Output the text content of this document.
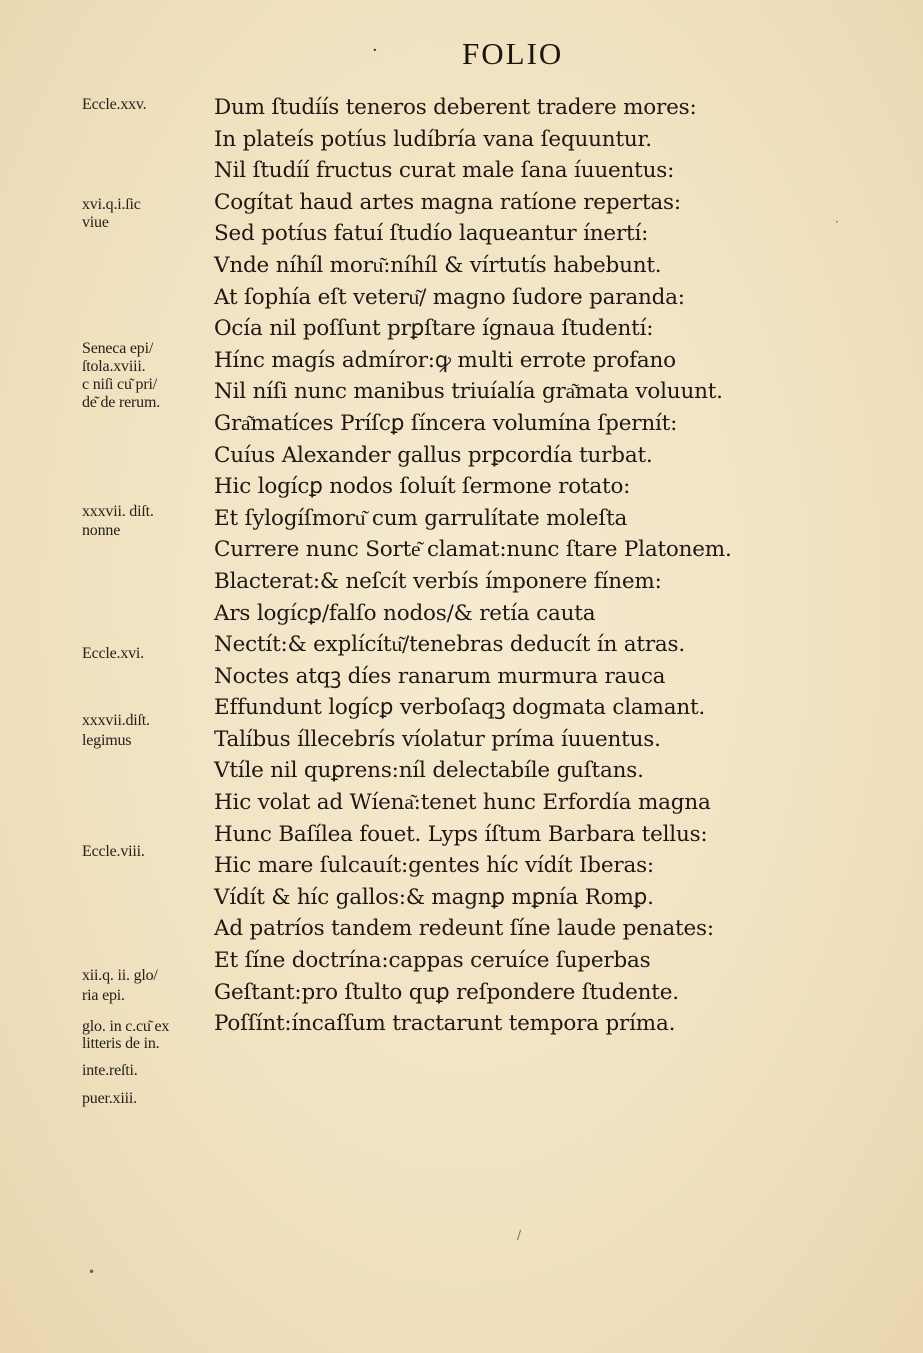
·	FOLIO
Dum ſtudíís teneros deberent tradere mores:
In plateís potíus ludíbría vana ſequuntur.
Nil ſtudíí fructus curat male ſana íuuentus:
Cogítat haud artes magna ratíone repertas:
Sed potíus fatuí ſtudío laqueantur ínertí:
Vnde níhíl moru͂:níhíl & vírtutís habebunt.
At ſophía eſt veteru͂/ magno ſudore paranda:
Ocía nil poſſunt prꝑſtare ígnaua ſtudentí:
Hínc magís admíror:ꝙ multi errote profano
Nil níſi nunc manibus triuíalía gra͂mata voluunt.
Gra͂matíces Príſcꝑ ſíncera volumína ſpernít:
Cuíus Alexander gallus prꝑcordía turbat.
Hic logícꝑ nodos ſoluít ſermone rotato:
Et ſylogíſmoru͂ cum garrulítate moleſta
Currere nunc Sorte͂ clamat:nunc ſtare Platonem.
Blacterat:& neſcít verbís ímponere fínem:
Ars logícꝑ/falſo nodos/& retía cauta
Nectít:& explícítu͂/tenebras deducít ín atras.
Noctes atqꝫ díes ranarum murmura rauca
Effundunt logícꝑ verboſaqꝫ dogmata clamant.
Talíbus íllecebrís víolatur príma íuuentus.
Vtíle nil quꝑrens:níl delectabíle guſtans.
Hic volat ad Wíena͂:tenet hunc Erfordía magna
Hunc Baſílea fouet. Lyps íſtum Barbara tellus:
Hic mare ſulcauít:gentes híc vídít Iberas:
Vídít & híc gallos:& magnꝑ mꝑnía Romꝑ.
Ad patríos tandem redeunt ſíne laude penates:
Et ſíne doctrína:cappas ceruíce ſuperbas
Geſtant:pro ſtulto quꝑ reſpondere ſtudente.
Poſſínt:íncaſſum tractarunt tempora príma.
Eccle.xxv.
xvi.q.i.ſic
viue
Seneca epi/
ſtola.xviii.
c niſi cu͂ pri/
de͂ de rerum.
xxxvii. diſt.
nonne
Eccle.xvi.
xxxvii.diſt.
legimus
Eccle.viii.
xii.q. ii. glo/
ria epi.
glo. in c.cu͂ ex
litteris de in.
inte.reſti.
puer.xiii.
•
/
·
